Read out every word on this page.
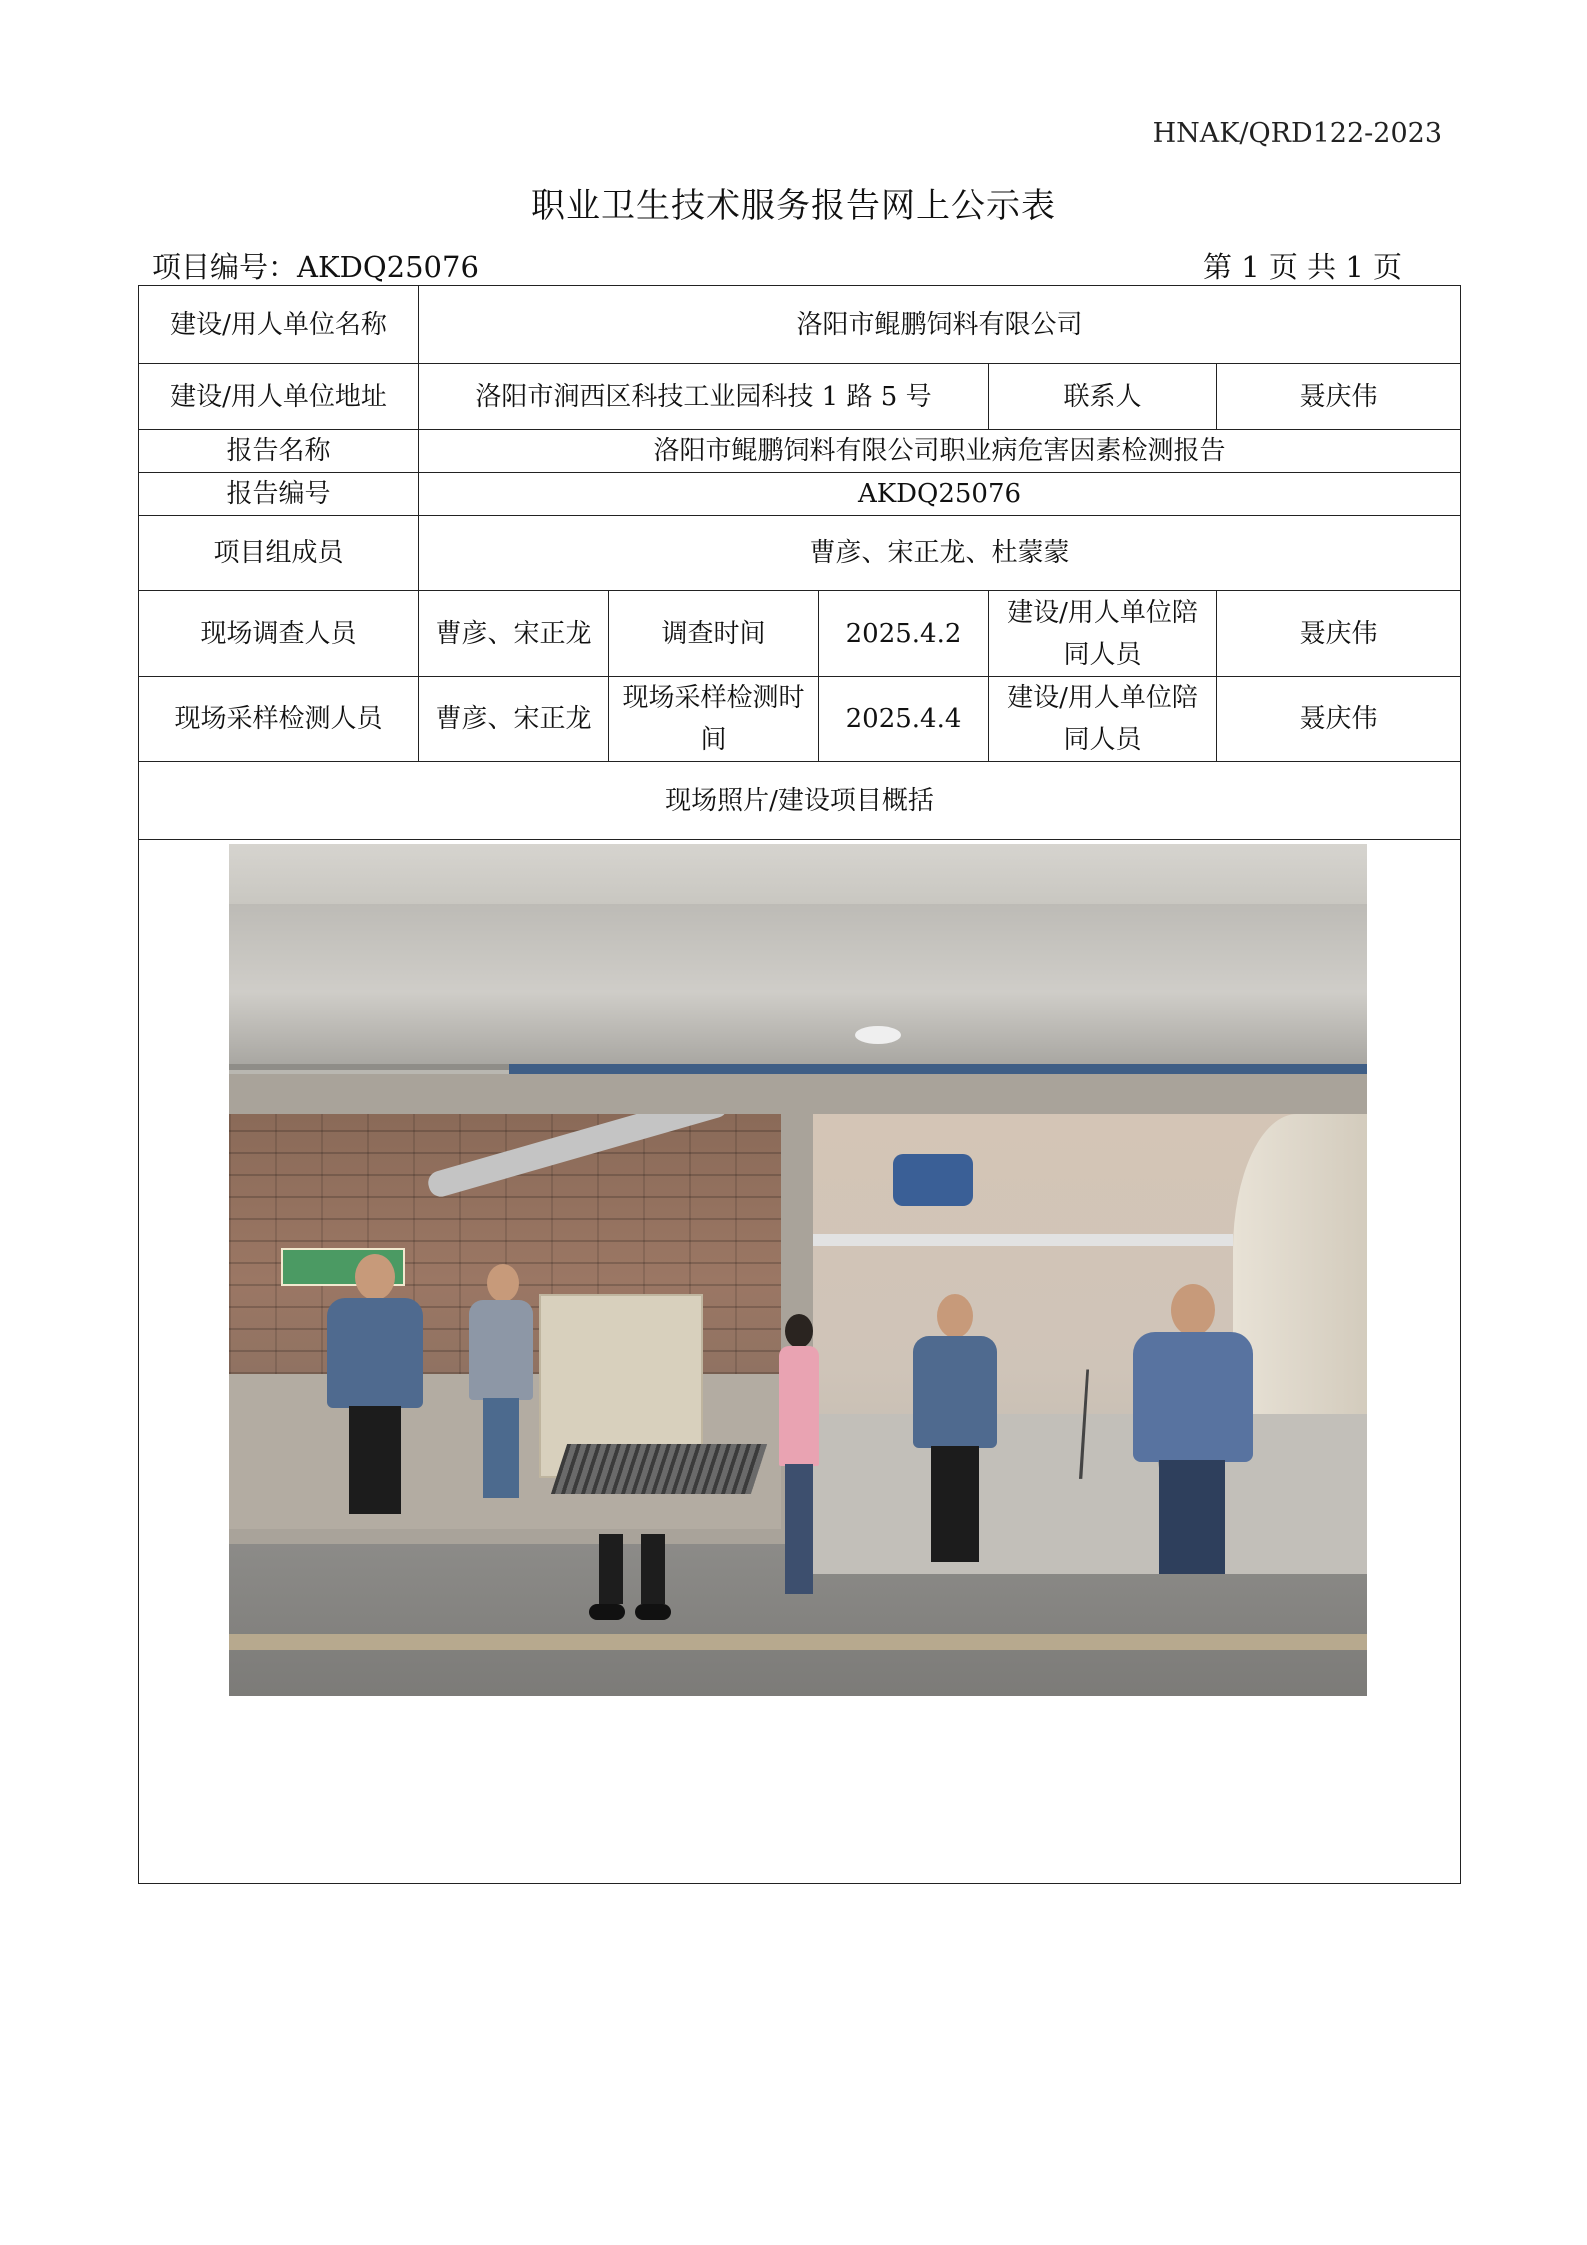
HNAK/QRD122-2023
职业卫生技术服务报告网上公示表
项目编号：AKDQ25076	第 1 页 共 1 页
建设/用人单位名称	洛阳市鲲鹏饲料有限公司				
建设/用人单位地址	洛阳市涧西区科技工业园科技 1 路 5 号			联系人	聂庆伟
报告名称	洛阳市鲲鹏饲料有限公司职业病危害因素检测报告				
报告编号	AKDQ25076				
项目组成员	曹彦、宋正龙、杜蒙蒙				
现场调查人员	曹彦、宋正龙	调查时间	2025.4.2	建设/用人单位陪同人员	聂庆伟
现场采样检测人员	曹彦、宋正龙	现场采样检测时间	2025.4.4	建设/用人单位陪同人员	聂庆伟
现场照片/建设项目概括					
